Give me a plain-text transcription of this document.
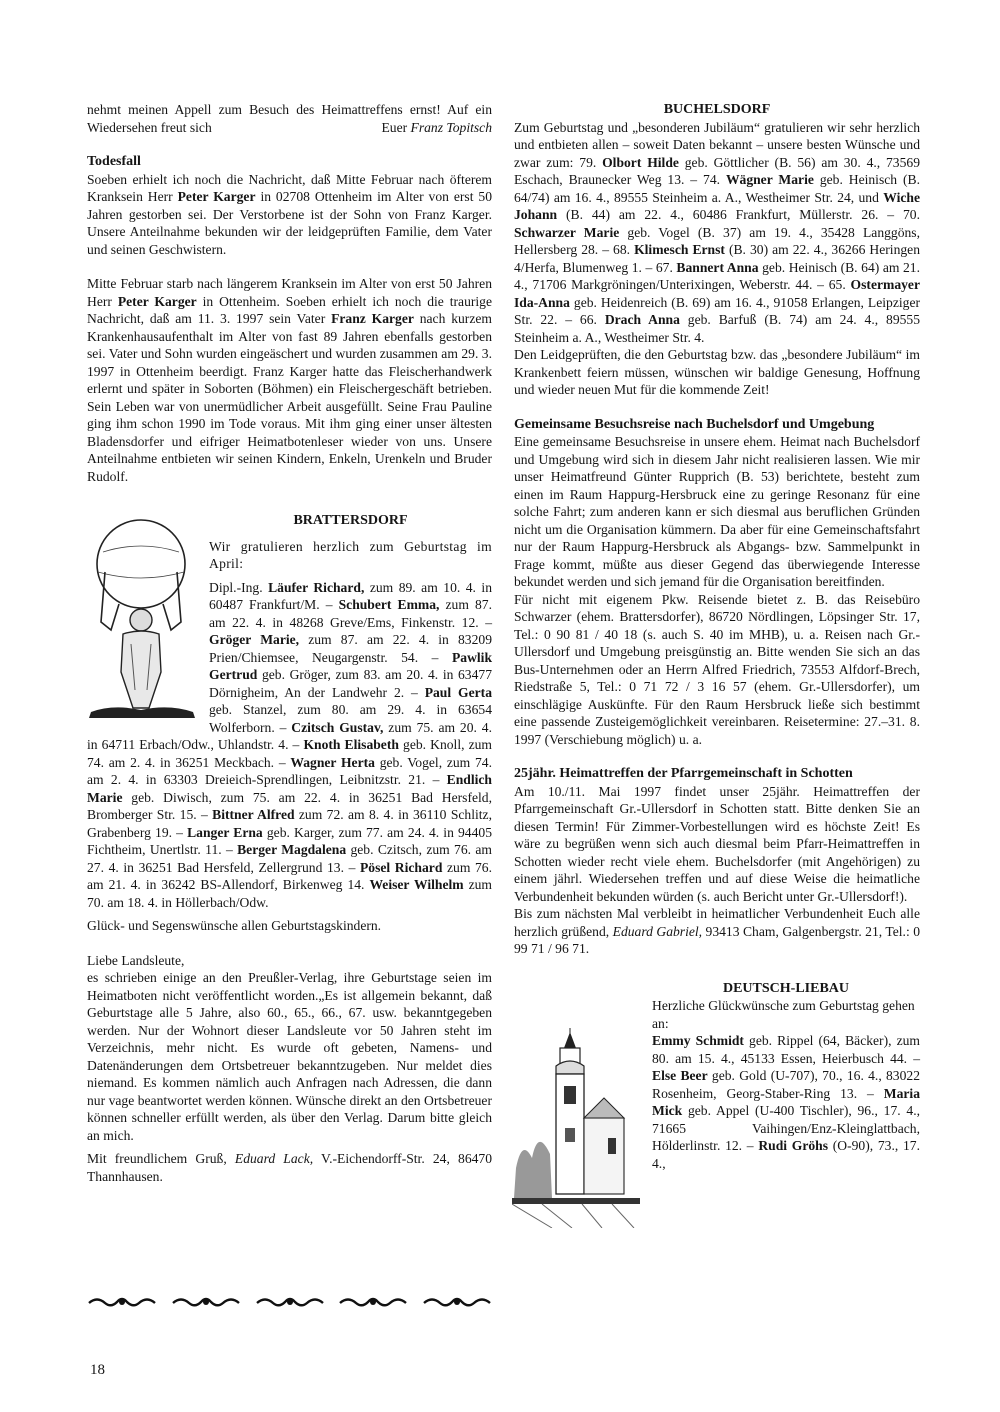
nehmt meinen Appell zum Besuch des Heimattreffens ernst! Auf ein Wiedersehen freut sich	Euer Franz Topitsch
Todesfall

Soeben erhielt ich noch die Nachricht, daß Mitte Februar nach öfterem Kranksein Herr Peter Karger in 02708 Ottenheim im Alter von erst 50 Jahren gestorben sei. Der Verstorbene ist der Sohn von Franz Karger. Unsere Anteilnahme bekunden wir der leidgeprüften Familie, dem Vater und seinen Geschwistern.

Mitte Februar starb nach längerem Kranksein im Alter von erst 50 Jahren Herr Peter Karger in Ottenheim. Soeben erhielt ich noch die traurige Nachricht, daß am 11. 3. 1997 sein Vater Franz Karger nach kurzem Krankenhausaufenthalt im Alter von fast 89 Jahren ebenfalls gestorben sei. Vater und Sohn wurden eingeäschert und wurden zusammen am 29. 3. 1997 in Ottenheim beerdigt. Franz Karger hatte das Fleischerhandwerk erlernt und später in Soborten (Böhmen) ein Fleischergeschäft betrieben. Sein Leben war von unermüdlicher Arbeit ausgefüllt. Seine Frau Pauline ging ihm schon 1990 im Tode voraus. Mit ihm ging einer unser ältesten Bladensdorfer und eifriger Heimatbotenleser wieder von uns. Unsere Anteilnahme entbieten wir seinen Kindern, Enkeln, Urenkeln und Bruder Rudolf.

BRATTERSDORF

Wir gratulieren herzlich zum Geburtstag im April:

Dipl.-Ing. Läufer Richard, zum 89. am 10. 4. in 60487 Frankfurt/M. – Schubert Emma, zum 87. am 22. 4. in 48268 Greve/Ems, Finkenstr. 12. – Gröger Marie, zum 87. am 22. 4. in 83209 Prien/Chiemsee, Neugargenstr. 54. – Pawlik Gertrud geb. Gröger, zum 83. am 20. 4. in 63477 Dörnigheim, An der Landwehr 2. – Paul Gerta geb. Stanzel, zum 80. am 29. 4. in 63654 Wolferborn. – Czitsch Gustav, zum 75. am 20. 4. in 64711 Erbach/Odw., Uhlandstr. 4. – Knoth Elisabeth geb. Knoll, zum 74. am 2. 4. in 36251 Meckbach. – Wagner Herta geb. Vogel, zum 74. am 2. 4. in 63303 Dreieich-Sprendlingen, Leibnitzstr. 21. – Endlich Marie geb. Diwisch, zum 75. am 22. 4. in 36251 Bad Hersfeld, Bromberger Str. 15. – Bittner Alfred zum 72. am 8. 4. in 36110 Schlitz, Grabenberg 19. – Langer Erna geb. Karger, zum 77. am 24. 4. in 94405 Fichtheim, Unertlstr. 11. – Berger Magdalena geb. Czitsch, zum 76. am 27. 4. in 36251 Bad Hersfeld, Zellergrund 13. – Pösel Richard zum 76. am 21. 4. in 36242 BS-Allendorf, Birkenweg 14. Weiser Wilhelm zum 70. am 18. 4. in Höllerbach/Odw.

Glück- und Segenswünsche allen Geburtstagskindern.

Liebe Landsleute,

es schrieben einige an den Preußler-Verlag, ihre Geburtstage seien im Heimatboten nicht veröffentlicht worden.„Es ist allgemein bekannt, daß Geburtstage alle 5 Jahre, also 60., 65., 66., 67. usw. bekanntgegeben werden. Nur der Wohnort dieser Landsleute vor 50 Jahren steht im Verzeichnis, mehr nicht. Es wurde oft gebeten, Namens- und Datenänderungen dem Ortsbetreuer bekanntzugeben. Nur meldet dies niemand. Es kommen nämlich auch Anfragen nach Adressen, die dann nur vage beantwortet werden können. Wünsche direkt an den Ortsbetreuer können schneller erfüllt werden, als über den Verlag. Darum bitte gleich an mich.

Mit freundlichem Gruß, Eduard Lack, V.-Eichendorff-Str. 24, 86470 Thannhausen.

BUCHELSDORF

Zum Geburtstag und „besonderen Jubiläum“ gratulieren wir sehr herzlich und entbieten allen – soweit Daten bekannt – unsere besten Wünsche und zwar zum: 79. Olbort Hilde geb. Göttlicher (B. 56) am 30. 4., 73569 Eschach, Braunecker Weg 13. – 74. Wägner Marie geb. Heinisch (B. 64/74) am 16. 4., 89555 Steinheim a. A., Westheimer Str. 24, und Wiche Johann (B. 44) am 22. 4., 60486 Frankfurt, Müllerstr. 26. – 70. Schwarzer Marie geb. Vogel (B. 37) am 19. 4., 35428 Langgöns, Hellersberg 28. – 68. Klimesch Ernst (B. 30) am 22. 4., 36266 Heringen 4/Herfa, Blumenweg 1. – 67. Bannert Anna geb. Heinisch (B. 64) am 21. 4., 71706 Markgröningen/Unterixingen, Weberstr. 44. – 65. Ostermayer Ida-Anna geb. Heidenreich (B. 69) am 16. 4., 91058 Erlangen, Leipziger Str. 22. – 66. Drach Anna geb. Barfuß (B. 74) am 24. 4., 89555 Steinheim a. A., Westheimer Str. 4.

Den Leidgeprüften, die den Geburtstag bzw. das „besondere Jubiläum“ im Krankenbett feiern müssen, wünschen wir baldige Genesung, Hoffnung und wieder neuen Mut für die kommende Zeit!

Gemeinsame Besuchsreise nach Buchelsdorf und Umgebung

Eine gemeinsame Besuchsreise in unsere ehem. Heimat nach Buchelsdorf und Umgebung wird sich in diesem Jahr nicht realisieren lassen. Wie mir unser Heimatfreund Günter Rupprich (B. 53) berichtete, besteht zum einen im Raum Happurg-Hersbruck eine zu geringe Resonanz für eine solche Fahrt; zum anderen kann er sich diesmal aus beruflichen Gründen nicht um die Organisation kümmern. Da aber für eine Gemeinschaftsfahrt nur der Raum Happurg-Hersbruck als Abgangs- bzw. Sammelpunkt in Frage kommt, müßte aus dieser Gegend das überwiegende Interesse bekundet werden und sich jemand für die Organisation bereitfinden.

Für nicht mit eigenem Pkw. Reisende bietet z. B. das Reisebüro Schwarzer (ehem. Brattersdorfer), 86720 Nördlingen, Löpsinger Str. 17, Tel.: 0 90 81 / 40 18 (s. auch S. 40 im MHB), u. a. Reisen nach Gr.-Ullersdorf und Umgebung preisgünstig an. Bitte wenden Sie sich an das Bus-Unternehmen oder an Herrn Alfred Friedrich, 73553 Alfdorf-Brech, Riedstraße 5, Tel.: 0 71 72 / 3 16 57 (ehem. Gr.-Ullersdorfer), um einschlägige Auskünfte. Für den Raum Hersbruck ließe sich bestimmt eine passende Zusteigemöglichkeit vereinbaren. Reisetermine: 27.–31. 8. 1997 (Verschiebung möglich) u. a.

25jähr. Heimattreffen der Pfarrgemeinschaft in Schotten

Am 10./11. Mai 1997 findet unser 25jähr. Heimattreffen der Pfarrgemeinschaft Gr.-Ullersdorf in Schotten statt. Bitte denken Sie an diesen Termin! Für Zimmer-Vorbestellungen wird es höchste Zeit! Es wäre zu begrüßen wenn sich auch diesmal beim Pfarr-Heimattreffen in Schotten wieder recht viele ehem. Buchelsdorfer (mit Angehörigen) zu einem jährl. Wiedersehen treffen und auf diese Weise die heimatliche Verbundenheit bekunden würden (s. auch Bericht unter Gr.-Ullersdorf!).

Bis zum nächsten Mal verbleibt in heimatlicher Verbundenheit Euch alle herzlich grüßend, Eduard Gabriel, 93413 Cham, Galgenbergstr. 21, Tel.: 0 99 71 / 96 71.

DEUTSCH-LIEBAU

Herzliche Glückwünsche zum Geburtstag gehen an:

Emmy Schmidt geb. Rippel (64, Bäcker), zum 80. am 15. 4., 45133 Essen, Heierbusch 44. – Else Beer geb. Gold (U-707), 70., 16. 4., 83022 Rosenheim, Georg-Staber-Ring 13. – Maria Mick geb. Appel (U-400 Tischler), 96., 17. 4., 71665 Vaihingen/Enz-Kleinglattbach, Hölderlinstr. 12. – Rudi Gröhs (O-90), 73., 17. 4.,

18
